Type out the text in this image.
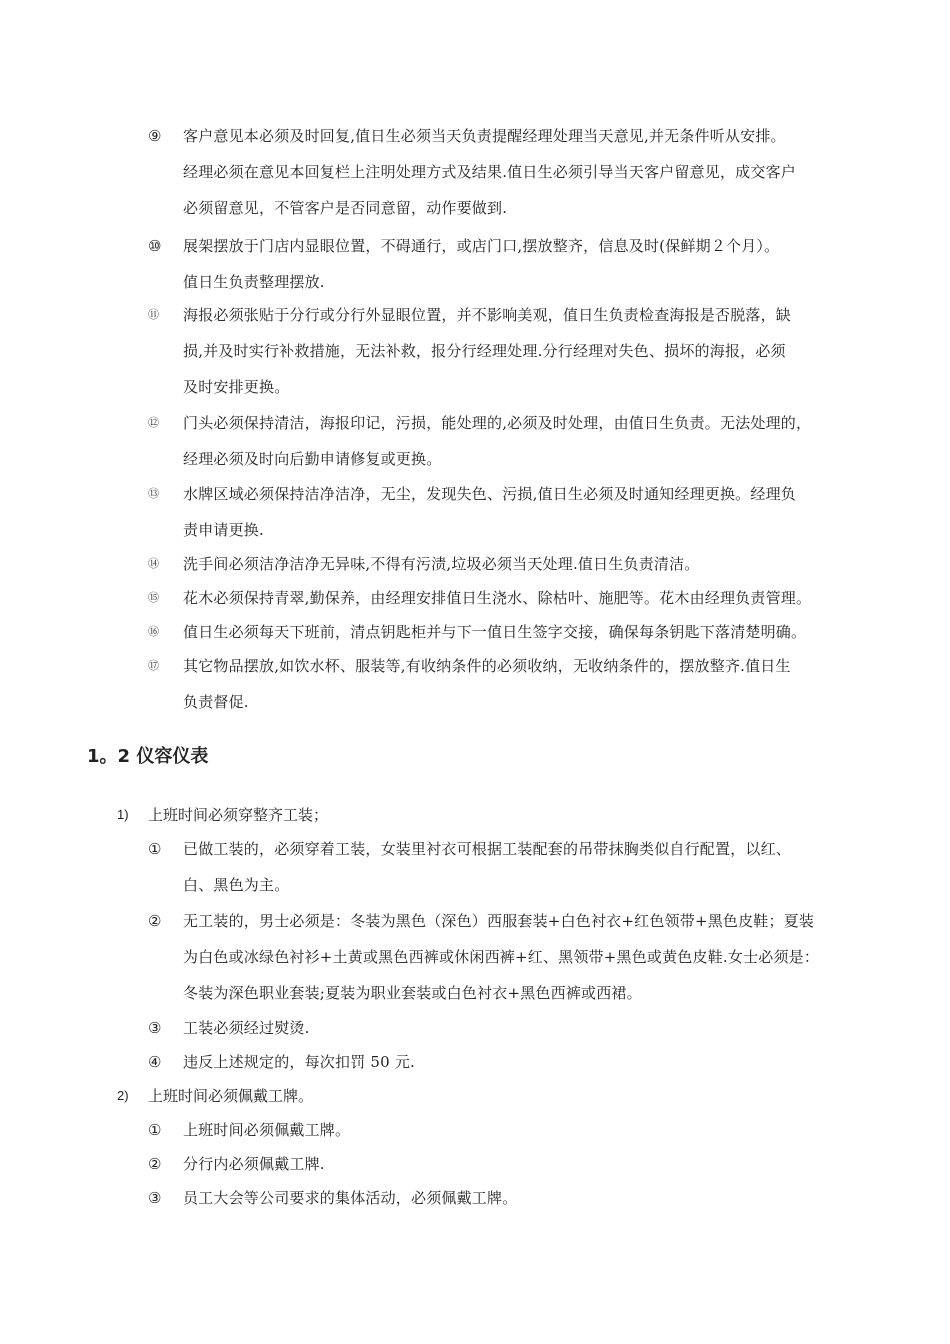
⑨	客户意见本必须及时回复,值日生必须当天负责提醒经理处理当天意见,并无条件听从安排。
经理必须在意见本回复栏上注明处理方式及结果.值日生必须引导当天客户留意见，成交客户
必须留意见，不管客户是否同意留，动作要做到.
⑩	展架摆放于门店内显眼位置，不碍通行，或店门口,摆放整齐，信息及时(保鲜期２个月）。
值日生负责整理摆放.
⑪	海报必须张贴于分行或分行外显眼位置，并不影响美观，值日生负责检查海报是否脱落，缺
损,并及时实行补救措施，无法补救，报分行经理处理.分行经理对失色、损坏的海报，必须
及时安排更换。
⑫	门头必须保持清洁，海报印记，污损，能处理的,必须及时处理，由值日生负责。无法处理的，
经理必须及时向后勤申请修复或更换。
⑬	水牌区域必须保持洁净洁净，无尘，发现失色、污损,值日生必须及时通知经理更换。经理负
责申请更换.
⑭	洗手间必须洁净洁净无异味,不得有污渍,垃圾必须当天处理.值日生负责清洁。
⑮	花木必须保持青翠,勤保养，由经理安排值日生浇水、除枯叶、施肥等。花木由经理负责管理。
⑯	值日生必须每天下班前，清点钥匙柜并与下一值日生签字交接，确保每条钥匙下落清楚明确。
⑰	其它物品摆放,如饮水杯、服装等,有收纳条件的必须收纳，无收纳条件的，摆放整齐.值日生
负责督促.
1。2 仪容仪表
1) 上班时间必须穿整齐工装；
①	已做工装的，必须穿着工装，女装里衬衣可根据工装配套的吊带抹胸类似自行配置，以红、
白、黑色为主。
②	无工装的，男士必须是：冬装为黑色（深色）西服套装+白色衬衣+红色领带+黑色皮鞋；夏装
为白色或冰绿色衬衫+土黄或黑色西裤或休闲西裤+红、黑领带+黑色或黄色皮鞋.女士必须是：
冬装为深色职业套装;夏装为职业套装或白色衬衣+黑色西裤或西裙。
③	工装必须经过熨烫.
④	违反上述规定的，每次扣罚 50 元.
2) 上班时间必须佩戴工牌。
①	上班时间必须佩戴工牌。
②	分行内必须佩戴工牌.
③	员工大会等公司要求的集体活动，必须佩戴工牌。
